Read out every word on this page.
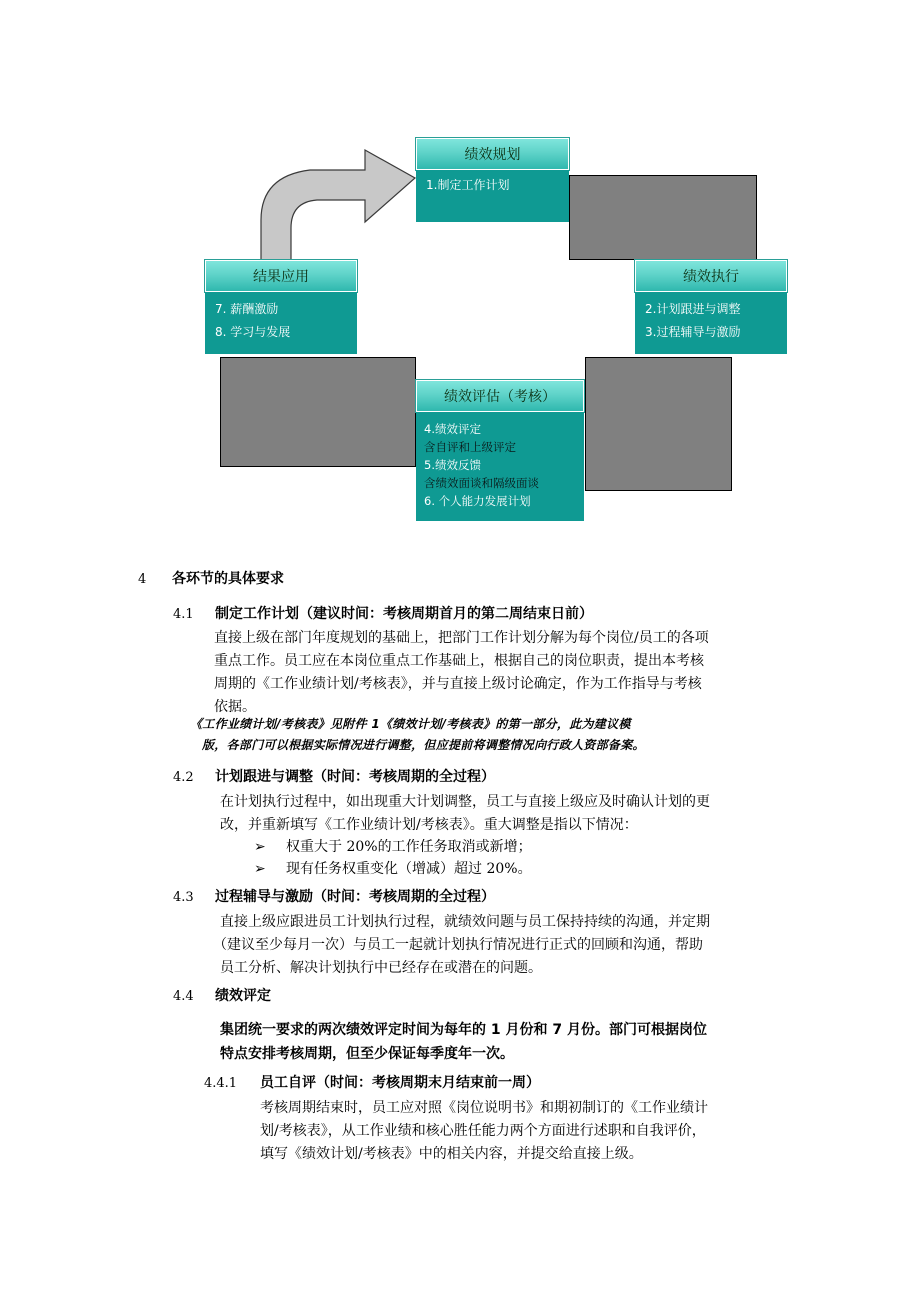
绩效规划
1.制定工作计划
绩效执行
2.计划跟进与调整
3.过程辅导与激励
结果应用
7. 薪酬激励
8. 学习与发展
绩效评估（考核）
4.绩效评定
含自评和上级评定
5.绩效反馈
含绩效面谈和隔级面谈
6. 个人能力发展计划
4 各环节的具体要求
4.1 制定工作计划（建议时间：考核周期首月的第二周结束日前）
直接上级在部门年度规划的基础上，把部门工作计划分解为每个岗位/员工的各项
重点工作。员工应在本岗位重点工作基础上，根据自己的岗位职责，提出本考核
周期的《工作业绩计划/考核表》，并与直接上级讨论确定，作为工作指导与考核
依据。
《工作业绩计划/考核表》见附件 1《绩效计划/考核表》的第一部分，此为建议模
版，各部门可以根据实际情况进行调整，但应提前将调整情况向行政人资部备案。
4.2 计划跟进与调整（时间：考核周期的全过程）
在计划执行过程中，如出现重大计划调整，员工与直接上级应及时确认计划的更
改，并重新填写《工作业绩计划/考核表》。重大调整是指以下情况：
➢ 权重大于 20%的工作任务取消或新增；
➢ 现有任务权重变化（增减）超过 20%。
4.3 过程辅导与激励（时间：考核周期的全过程）
直接上级应跟进员工计划执行过程，就绩效问题与员工保持持续的沟通，并定期
（建议至少每月一次）与员工一起就计划执行情况进行正式的回顾和沟通，帮助
员工分析、解决计划执行中已经存在或潜在的问题。
4.4 绩效评定
集团统一要求的两次绩效评定时间为每年的 1 月份和 7 月份。部门可根据岗位
特点安排考核周期，但至少保证每季度年一次。
4.4.1 员工自评（时间：考核周期末月结束前一周）
考核周期结束时，员工应对照《岗位说明书》和期初制订的《工作业绩计
划/考核表》，从工作业绩和核心胜任能力两个方面进行述职和自我评价，
填写《绩效计划/考核表》中的相关内容，并提交给直接上级。
